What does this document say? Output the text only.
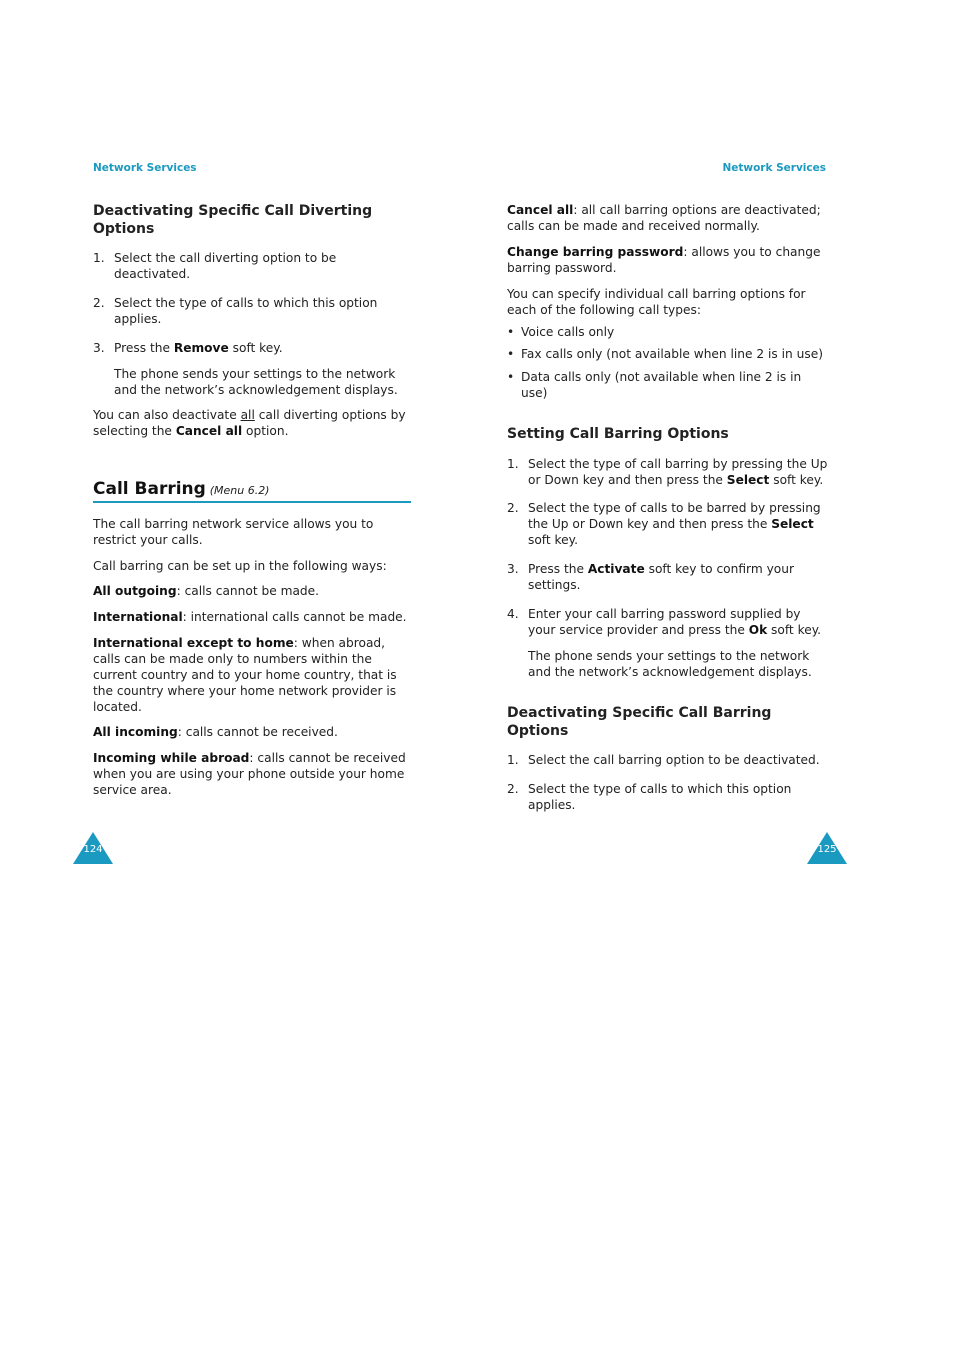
Network Services	Network Services
Deactivating Specific Call Diverting Options
1. Select the call diverting option to be deactivated.
2. Select the type of calls to which this option applies.
3. Press the Remove soft key.
The phone sends your settings to the network and the network’s acknowledgement displays.

You can also deactivate all call diverting options by selecting the Cancel all option.

Call Barring (Menu 6.2)

The call barring network service allows you to restrict your calls.

Call barring can be set up in the following ways:

All outgoing: calls cannot be made.

International: international calls cannot be made.

International except to home: when abroad, calls can be made only to numbers within the current country and to your home country, that is the country where your home network provider is located.

All incoming: calls cannot be received.

Incoming while abroad: calls cannot be received when you are using your phone outside your home service area.

Cancel all: all call barring options are deactivated; calls can be made and received normally.

Change barring password: allows you to change barring password.

You can specify individual call barring options for each of the following call types:

• Voice calls only
• Fax calls only (not available when line 2 is in use)
• Data calls only (not available when line 2 is in use)
Setting Call Barring Options
1. Select the type of call barring by pressing the Up or Down key and then press the Select soft key.
2. Select the type of calls to be barred by pressing the Up or Down key and then press the Select soft key.
3. Press the Activate soft key to confirm your settings.
4. Enter your call barring password supplied by your service provider and press the Ok soft key.
The phone sends your settings to the network and the network’s acknowledgement displays.
Deactivating Specific Call Barring Options
1. Select the call barring option to be deactivated.
2. Select the type of calls to which this option applies.
124	125
